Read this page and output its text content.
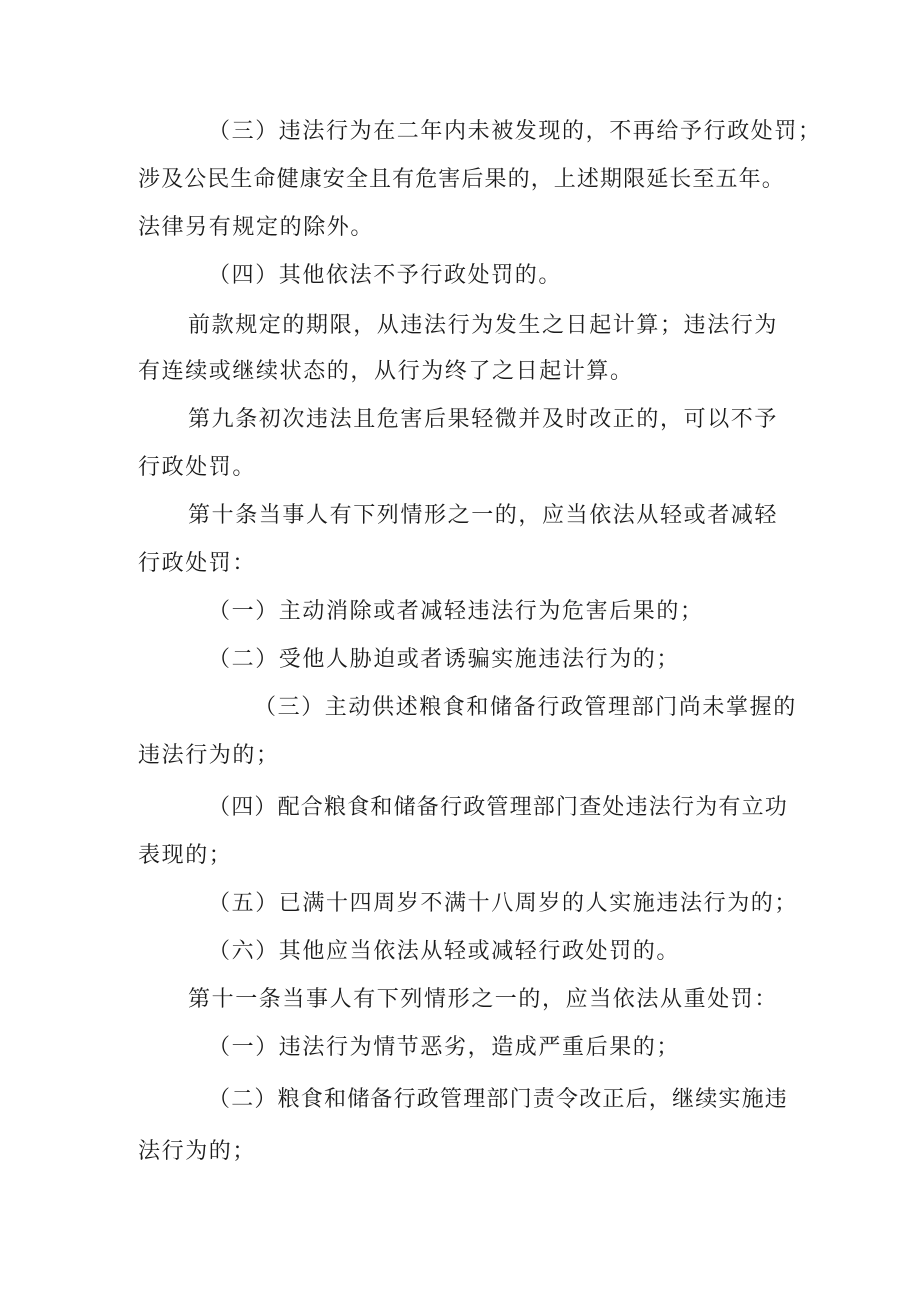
（三）违法行为在二年内未被发现的，不再给予行政处罚；
涉及公民生命健康安全且有危害后果的，上述期限延长至五年。
法律另有规定的除外。
（四）其他依法不予行政处罚的。
前款规定的期限，从违法行为发生之日起计算；违法行为
有连续或继续状态的，从行为终了之日起计算。
第九条初次违法且危害后果轻微并及时改正的，可以不予
行政处罚。
第十条当事人有下列情形之一的，应当依法从轻或者减轻
行政处罚：
（一）主动消除或者减轻违法行为危害后果的；
（二）受他人胁迫或者诱骗实施违法行为的；
（三）主动供述粮食和储备行政管理部门尚未掌握的
违法行为的；
（四）配合粮食和储备行政管理部门查处违法行为有立功
表现的；
（五）已满十四周岁不满十八周岁的人实施违法行为的；
（六）其他应当依法从轻或减轻行政处罚的。
第十一条当事人有下列情形之一的，应当依法从重处罚：
（一）违法行为情节恶劣，造成严重后果的；
（二）粮食和储备行政管理部门责令改正后，继续实施违
法行为的；
